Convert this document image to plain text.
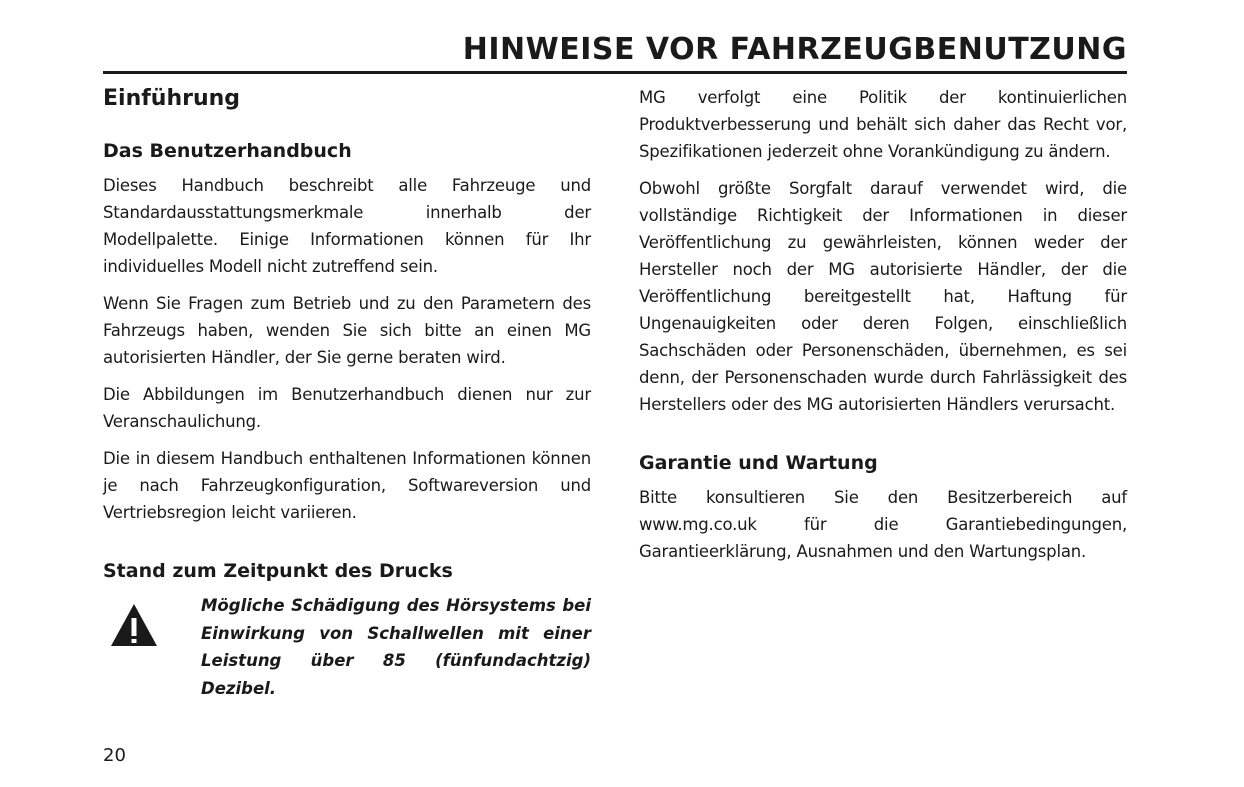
HINWEISE VOR FAHRZEUGBENUTZUNG
Einführung
Das Benutzerhandbuch

Dieses Handbuch beschreibt alle Fahrzeuge und Standardausstattungsmerkmale innerhalb der Modellpalette. Einige Informationen können für Ihr individuelles Modell nicht zutreffend sein.

Wenn Sie Fragen zum Betrieb und zu den Parametern des Fahrzeugs haben, wenden Sie sich bitte an einen MG autorisierten Händler, der Sie gerne beraten wird.

Die Abbildungen im Benutzerhandbuch dienen nur zur Veranschaulichung.

Die in diesem Handbuch enthaltenen Informationen können je nach Fahrzeugkonfiguration, Softwareversion und Vertriebsregion leicht variieren.

Stand zum Zeitpunkt des Drucks
Mögliche Schädigung des Hörsystems bei Einwirkung von Schallwellen mit einer Leistung über 85 (fünfundachtzig) Dezibel.

MG verfolgt eine Politik der kontinuierlichen Produktverbesserung und behält sich daher das Recht vor, Spezifikationen jederzeit ohne Vorankündigung zu ändern.

Obwohl größte Sorgfalt darauf verwendet wird, die vollständige Richtigkeit der Informationen in dieser Veröffentlichung zu gewährleisten, können weder der Hersteller noch der MG autorisierte Händler, der die Veröffentlichung bereitgestellt hat, Haftung für Ungenauigkeiten oder deren Folgen, einschließlich Sachschäden oder Personenschäden, übernehmen, es sei denn, der Personenschaden wurde durch Fahrlässigkeit des Herstellers oder des MG autorisierten Händlers verursacht.

Garantie und Wartung

Bitte konsultieren Sie den Besitzerbereich auf www.mg.co.uk für die Garantiebedingungen, Garantieerklärung, Ausnahmen und den Wartungsplan.

20
